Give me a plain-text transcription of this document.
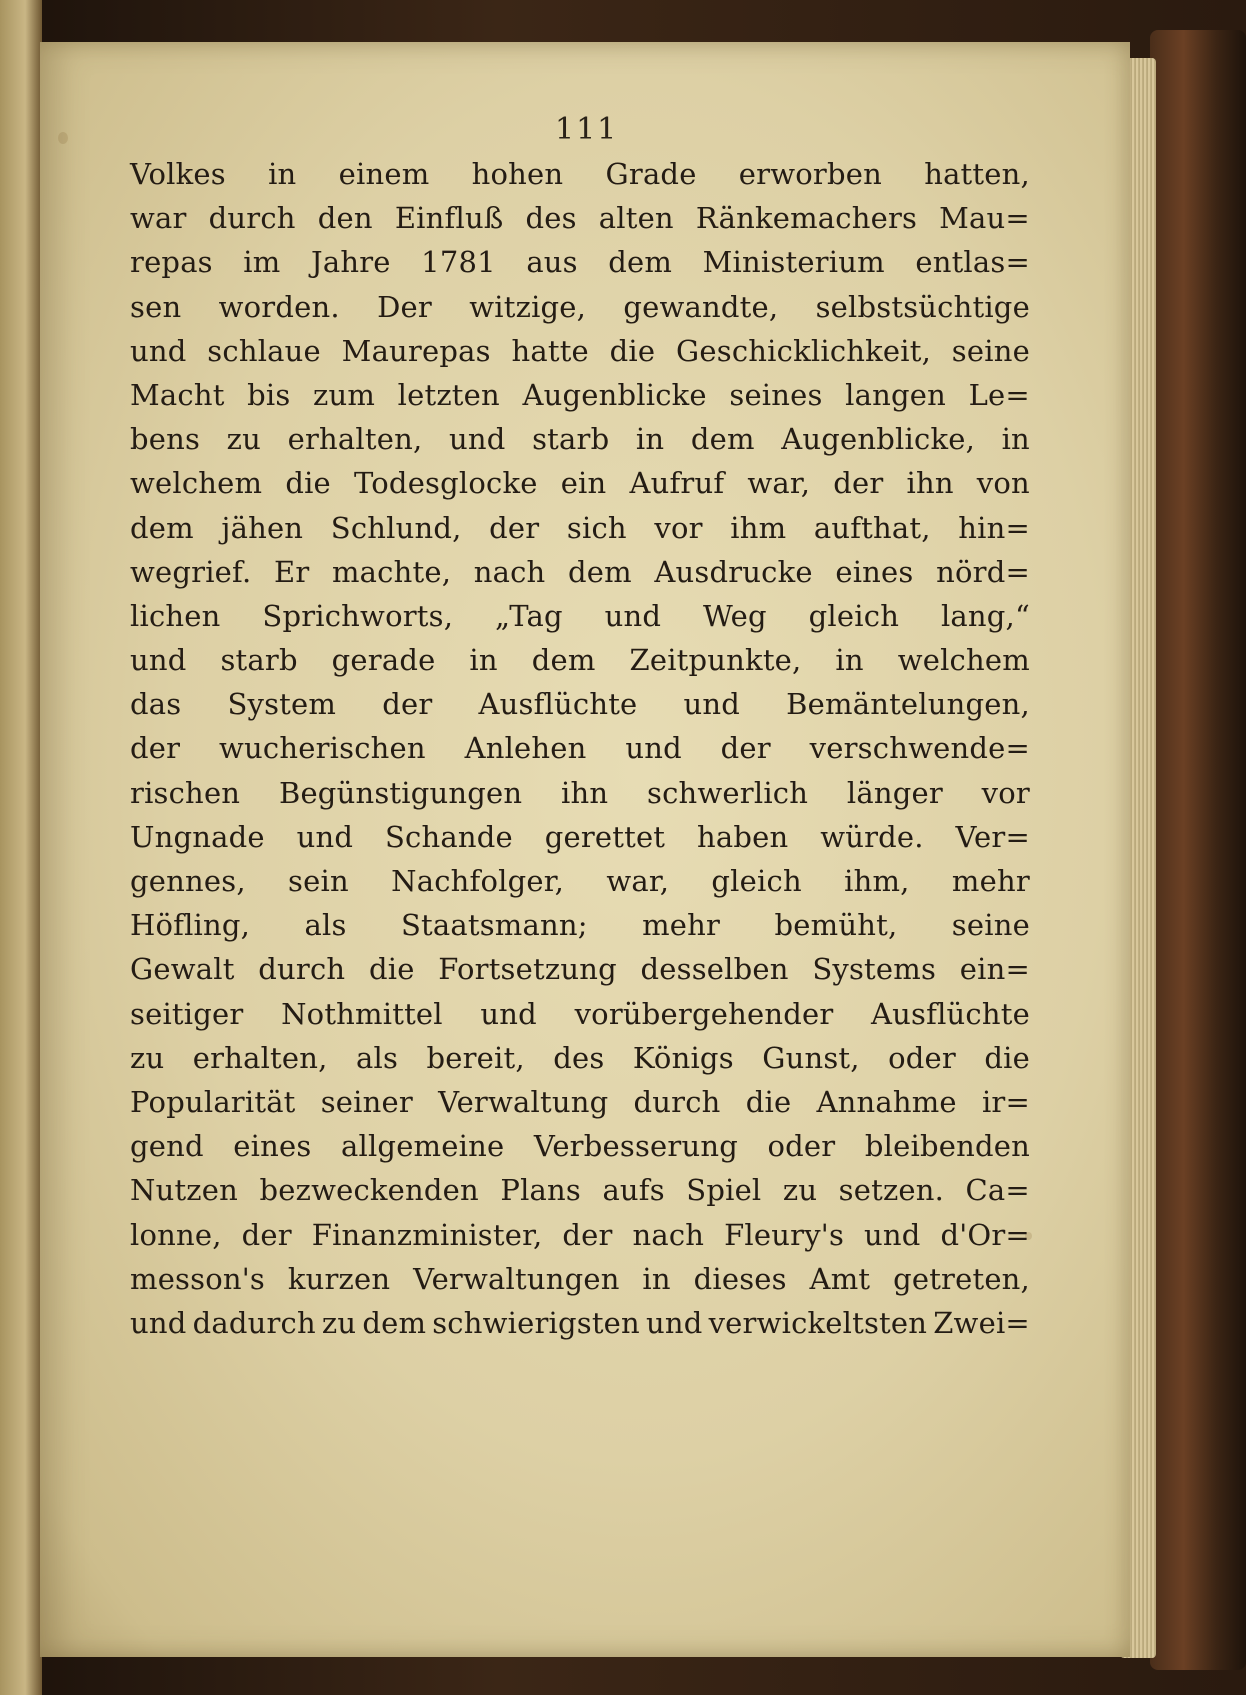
111
Volkes in einem hohen Grade erworben hatten,
war durch den Einfluß des alten Ränkemachers Mau=
repas im Jahre 1781 aus dem Ministerium entlas=
sen worden. Der witzige, gewandte, selbstsüchtige
und schlaue Maurepas hatte die Geschicklichkeit, seine
Macht bis zum letzten Augenblicke seines langen Le=
bens zu erhalten, und starb in dem Augenblicke, in
welchem die Todesglocke ein Aufruf war, der ihn von
dem jähen Schlund, der sich vor ihm aufthat, hin=
wegrief. Er machte, nach dem Ausdrucke eines nörd=
lichen Sprichworts, „Tag und Weg gleich lang,“
und starb gerade in dem Zeitpunkte, in welchem
das System der Ausflüchte und Bemäntelungen,
der wucherischen Anlehen und der verschwende=
rischen Begünstigungen ihn schwerlich länger vor
Ungnade und Schande gerettet haben würde. Ver=
gennes, sein Nachfolger, war, gleich ihm, mehr
Höfling, als Staatsmann; mehr bemüht, seine
Gewalt durch die Fortsetzung desselben Systems ein=
seitiger Nothmittel und vorübergehender Ausflüchte
zu erhalten, als bereit, des Königs Gunst, oder die
Popularität seiner Verwaltung durch die Annahme ir=
gend eines allgemeine Verbesserung oder bleibenden
Nutzen bezweckenden Plans aufs Spiel zu setzen. Ca=
lonne, der Finanzminister, der nach Fleury's und d'Or=
messon's kurzen Verwaltungen in dieses Amt getreten,
und dadurch zu dem schwierigsten und verwickeltsten Zwei=
